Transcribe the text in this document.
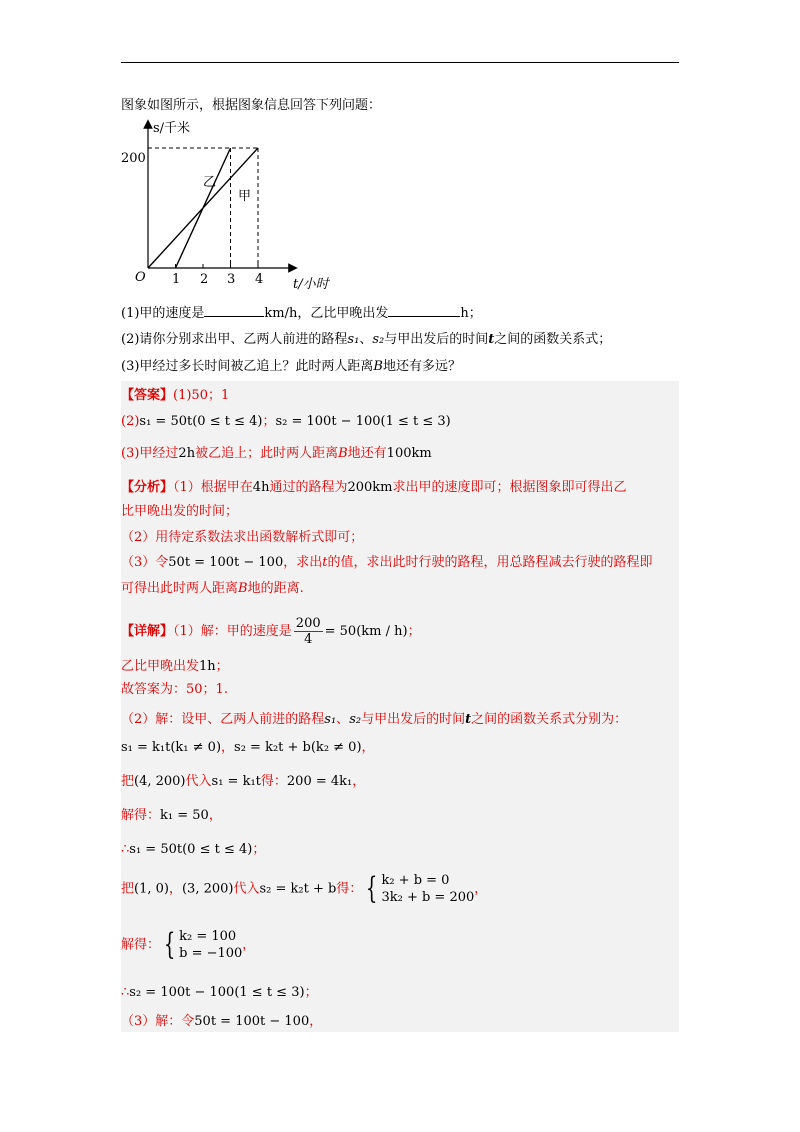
图象如图所示，根据图象信息回答下列问题：
s/千米
t/小时
O
200
1 2 3 4
乙
甲
(1)甲的速度是	km/h，乙比甲晚出发	h；
(2)请你分别求出甲、乙两人前进的路程s₁、s₂与甲出发后的时间t之间的函数关系式；
(3)甲经过多长时间被乙追上？此时两人距离B地还有多远？
【答案】(1)50；1
(2)s₁ = 50t(0 ≤ t ≤ 4)；s₂ = 100t − 100(1 ≤ t ≤ 3)
(3)甲经过2h被乙追上；此时两人距离B地还有100km
【分析】（1）根据甲在4h通过的路程为200km求出甲的速度即可；根据图象即可得出乙
比甲晚出发的时间；
（2）用待定系数法求出函数解析式即可；
（3）令50t = 100t − 100，求出t的值，求出此时行驶的路程，用总路程减去行驶的路程即
可得出此时两人距离B地的距离.
【详解】（1）解：甲的速度是 $\frac{200}{4} = 50(km / h)$；
乙比甲晚出发1h；
故答案为：50；1.
（2）解：设甲、乙两人前进的路程s₁、s₂与甲出发后的时间t之间的函数关系式分别为：
s₁ = k₁t(k₁ ≠ 0)，s₂ = k₂t + b(k₂ ≠ 0)，
把(4, 200)代入s₁ = k₁t得：200 = 4k₁，
解得：k₁ = 50，
∴s₁ = 50t(0 ≤ t ≤ 4)；
把(1, 0)，(3, 200)代入s₂ = k₂t + b得： { k₂ + b = 0
3k₂ + b = 200
，
解得： { k₂ = 100
b = −100
，
∴s₂ = 100t − 100(1 ≤ t ≤ 3)；
（3）解：令50t = 100t − 100，
